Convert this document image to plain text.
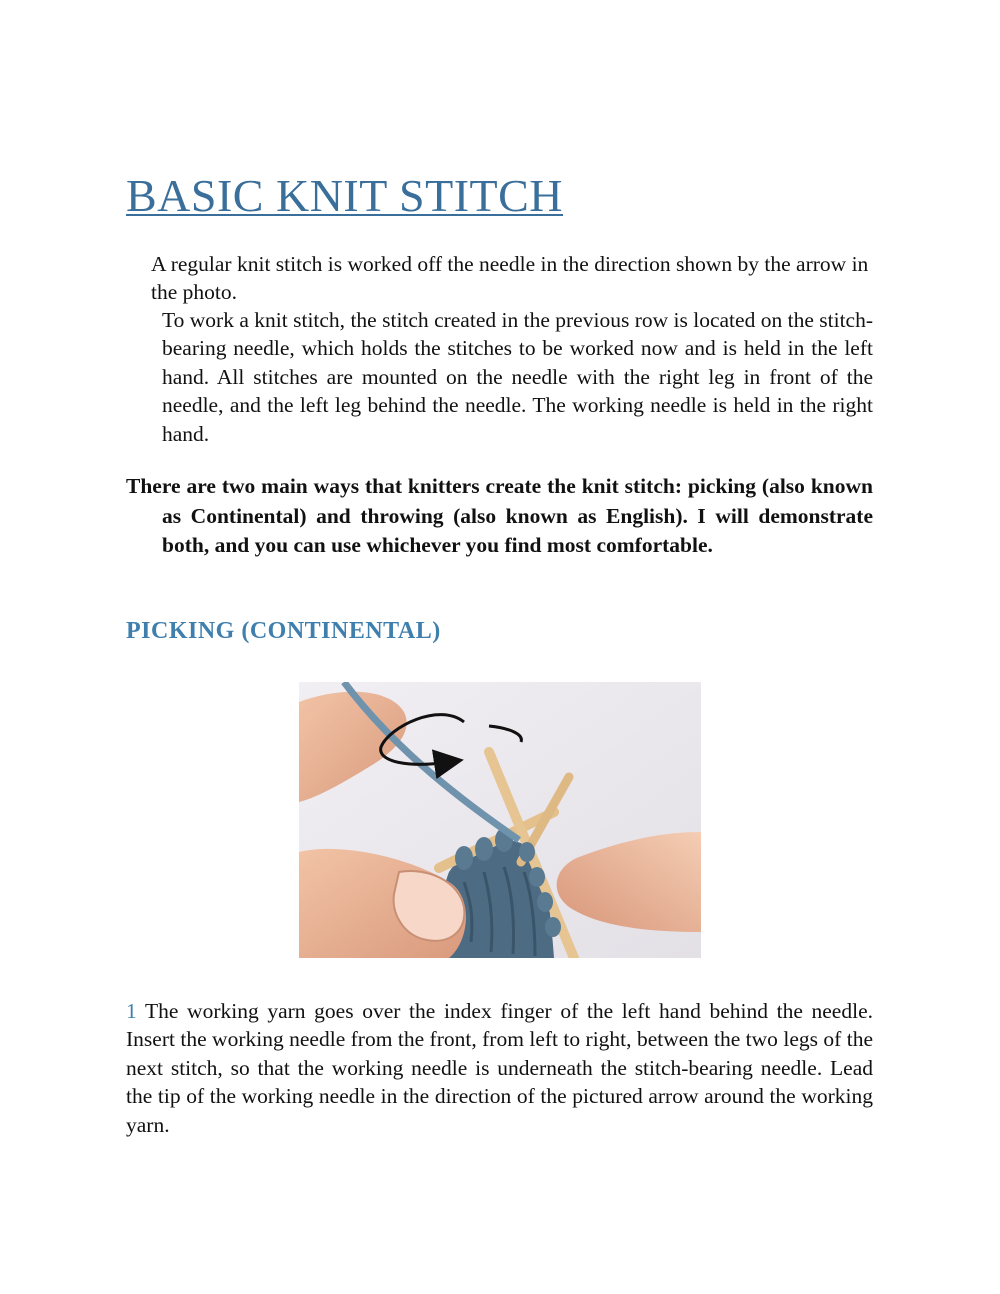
BASIC KNIT STITCH
A regular knit stitch is worked off the needle in the direction shown by the arrow in the photo.
To work a knit stitch, the stitch created in the previous row is located on the stitch-bearing needle, which holds the stitches to be worked now and is held in the left hand. All stitches are mounted on the needle with the right leg in front of the needle, and the left leg behind the needle. The working needle is held in the right hand.
There are two main ways that knitters create the knit stitch: picking (also known as Continental) and throwing (also known as English). I will demonstrate both, and you can use whichever you find most comfortable.
PICKING (CONTINENTAL)
1 The working yarn goes over the index finger of the left hand behind the needle. Insert the working needle from the front, from left to right, between the two legs of the next stitch, so that the working needle is underneath the stitch-bearing needle. Lead the tip of the working needle in the direction of the pictured arrow around the working yarn.
